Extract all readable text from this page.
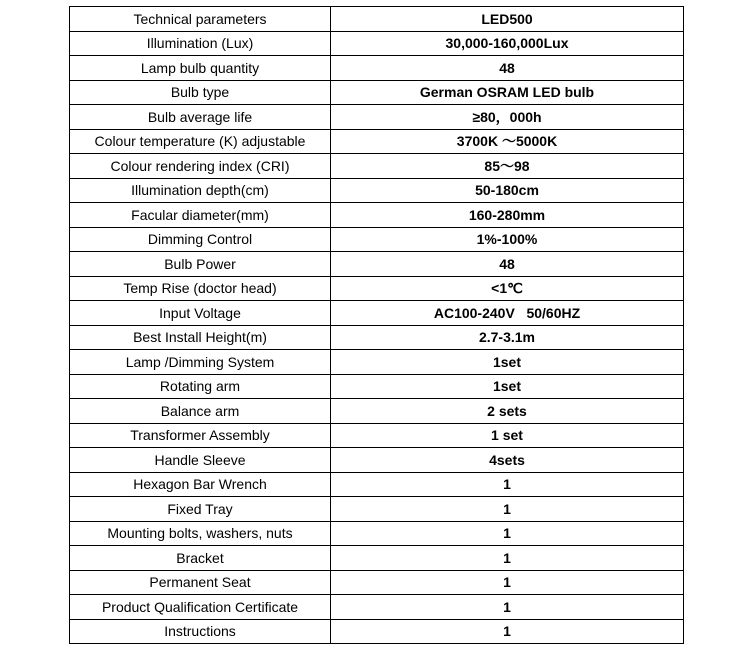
Technical parameters	LED500
Illumination (Lux)	30,000-160,000Lux
Lamp bulb quantity	48
Bulb type	German OSRAM LED bulb
Bulb average life	≥80，000h
Colour temperature (K) adjustable	3700K ～5000K
Colour rendering index (CRI)	85～98
Illumination depth(cm)	50-180cm
Facular diameter(mm)	160-280mm
Dimming Control	1%-100%
Bulb Power	48
Temp Rise (doctor head)	<1℃
Input Voltage	AC100-240V   50/60HZ
Best Install Height(m)	2.7-3.1m
Lamp /Dimming System	1set
Rotating arm	1set
Balance arm	2 sets
Transformer Assembly	1 set
Handle Sleeve	4sets
Hexagon Bar Wrench	1
Fixed Tray	1
Mounting bolts, washers, nuts	1
Bracket	1
Permanent Seat	1
Product Qualification Certificate	1
Instructions	1
